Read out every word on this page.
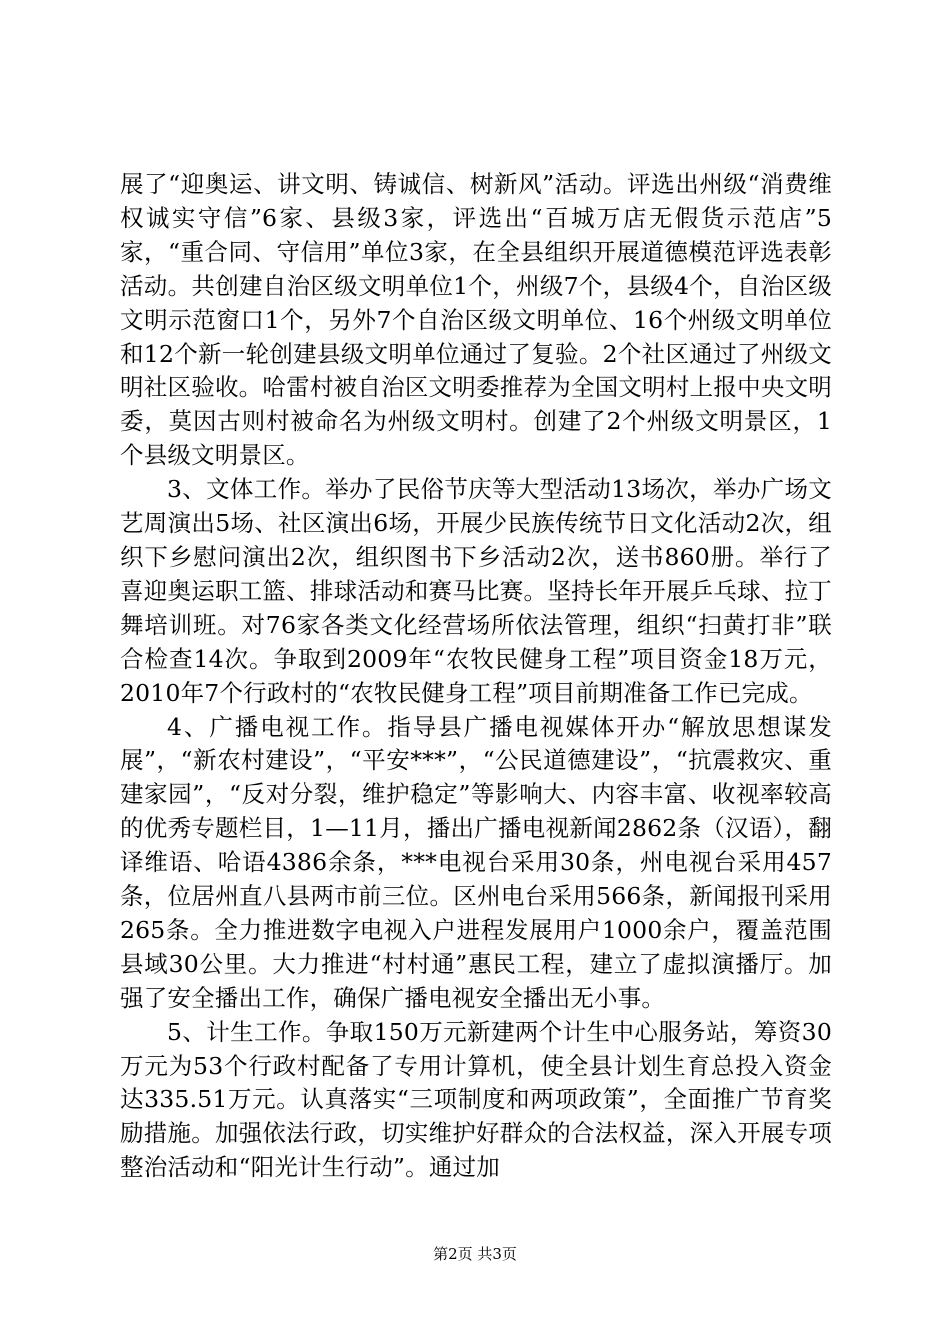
展了“迎奥运、讲文明、铸诚信、树新风”活动。评选出州级“消费维权诚实守信”6家、县级3家，评选出“百城万店无假货示范店”5家，“重合同、守信用”单位3家，在全县组织开展道德模范评选表彰活动。共创建自治区级文明单位1个，州级7个，县级4个，自治区级文明示范窗口1个，另外7个自治区级文明单位、16个州级文明单位和12个新一轮创建县级文明单位通过了复验。2个社区通过了州级文明社区验收。哈雷村被自治区文明委推荐为全国文明村上报中央文明委，莫因古则村被命名为州级文明村。创建了2个州级文明景区，1个县级文明景区。

3、文体工作。举办了民俗节庆等大型活动13场次，举办广场文艺周演出5场、社区演出6场，开展少民族传统节日文化活动2次，组织下乡慰问演出2次，组织图书下乡活动2次，送书860册。举行了喜迎奥运职工篮、排球活动和赛马比赛。坚持长年开展乒乓球、拉丁舞培训班。对76家各类文化经营场所依法管理，组织“扫黄打非”联合检查14次。争取到2009年“农牧民健身工程”项目资金18万元，2010年7个行政村的“农牧民健身工程”项目前期准备工作已完成。

4、广播电视工作。指导县广播电视媒体开办“解放思想谋发展”，“新农村建设”，“平安***”，“公民道德建设”，“抗震救灾、重建家园”，“反对分裂，维护稳定”等影响大、内容丰富、收视率较高的优秀专题栏目，1—11月，播出广播电视新闻2862条（汉语），翻译维语、哈语4386余条，***电视台采用30条，州电视台采用457条，位居州直八县两市前三位。区州电台采用566条，新闻报刊采用265条。全力推进数字电视入户进程发展用户1000余户，覆盖范围县域30公里。大力推进“村村通”惠民工程，建立了虚拟演播厅。加强了安全播出工作，确保广播电视安全播出无小事。

5、计生工作。争取150万元新建两个计生中心服务站，筹资30万元为53个行政村配备了专用计算机，使全县计划生育总投入资金达335.51万元。认真落实“三项制度和两项政策”，全面推广节育奖励措施。加强依法行政，切实维护好群众的合法权益，深入开展专项整治活动和“阳光计生行动”。通过加

第2页 共3页
